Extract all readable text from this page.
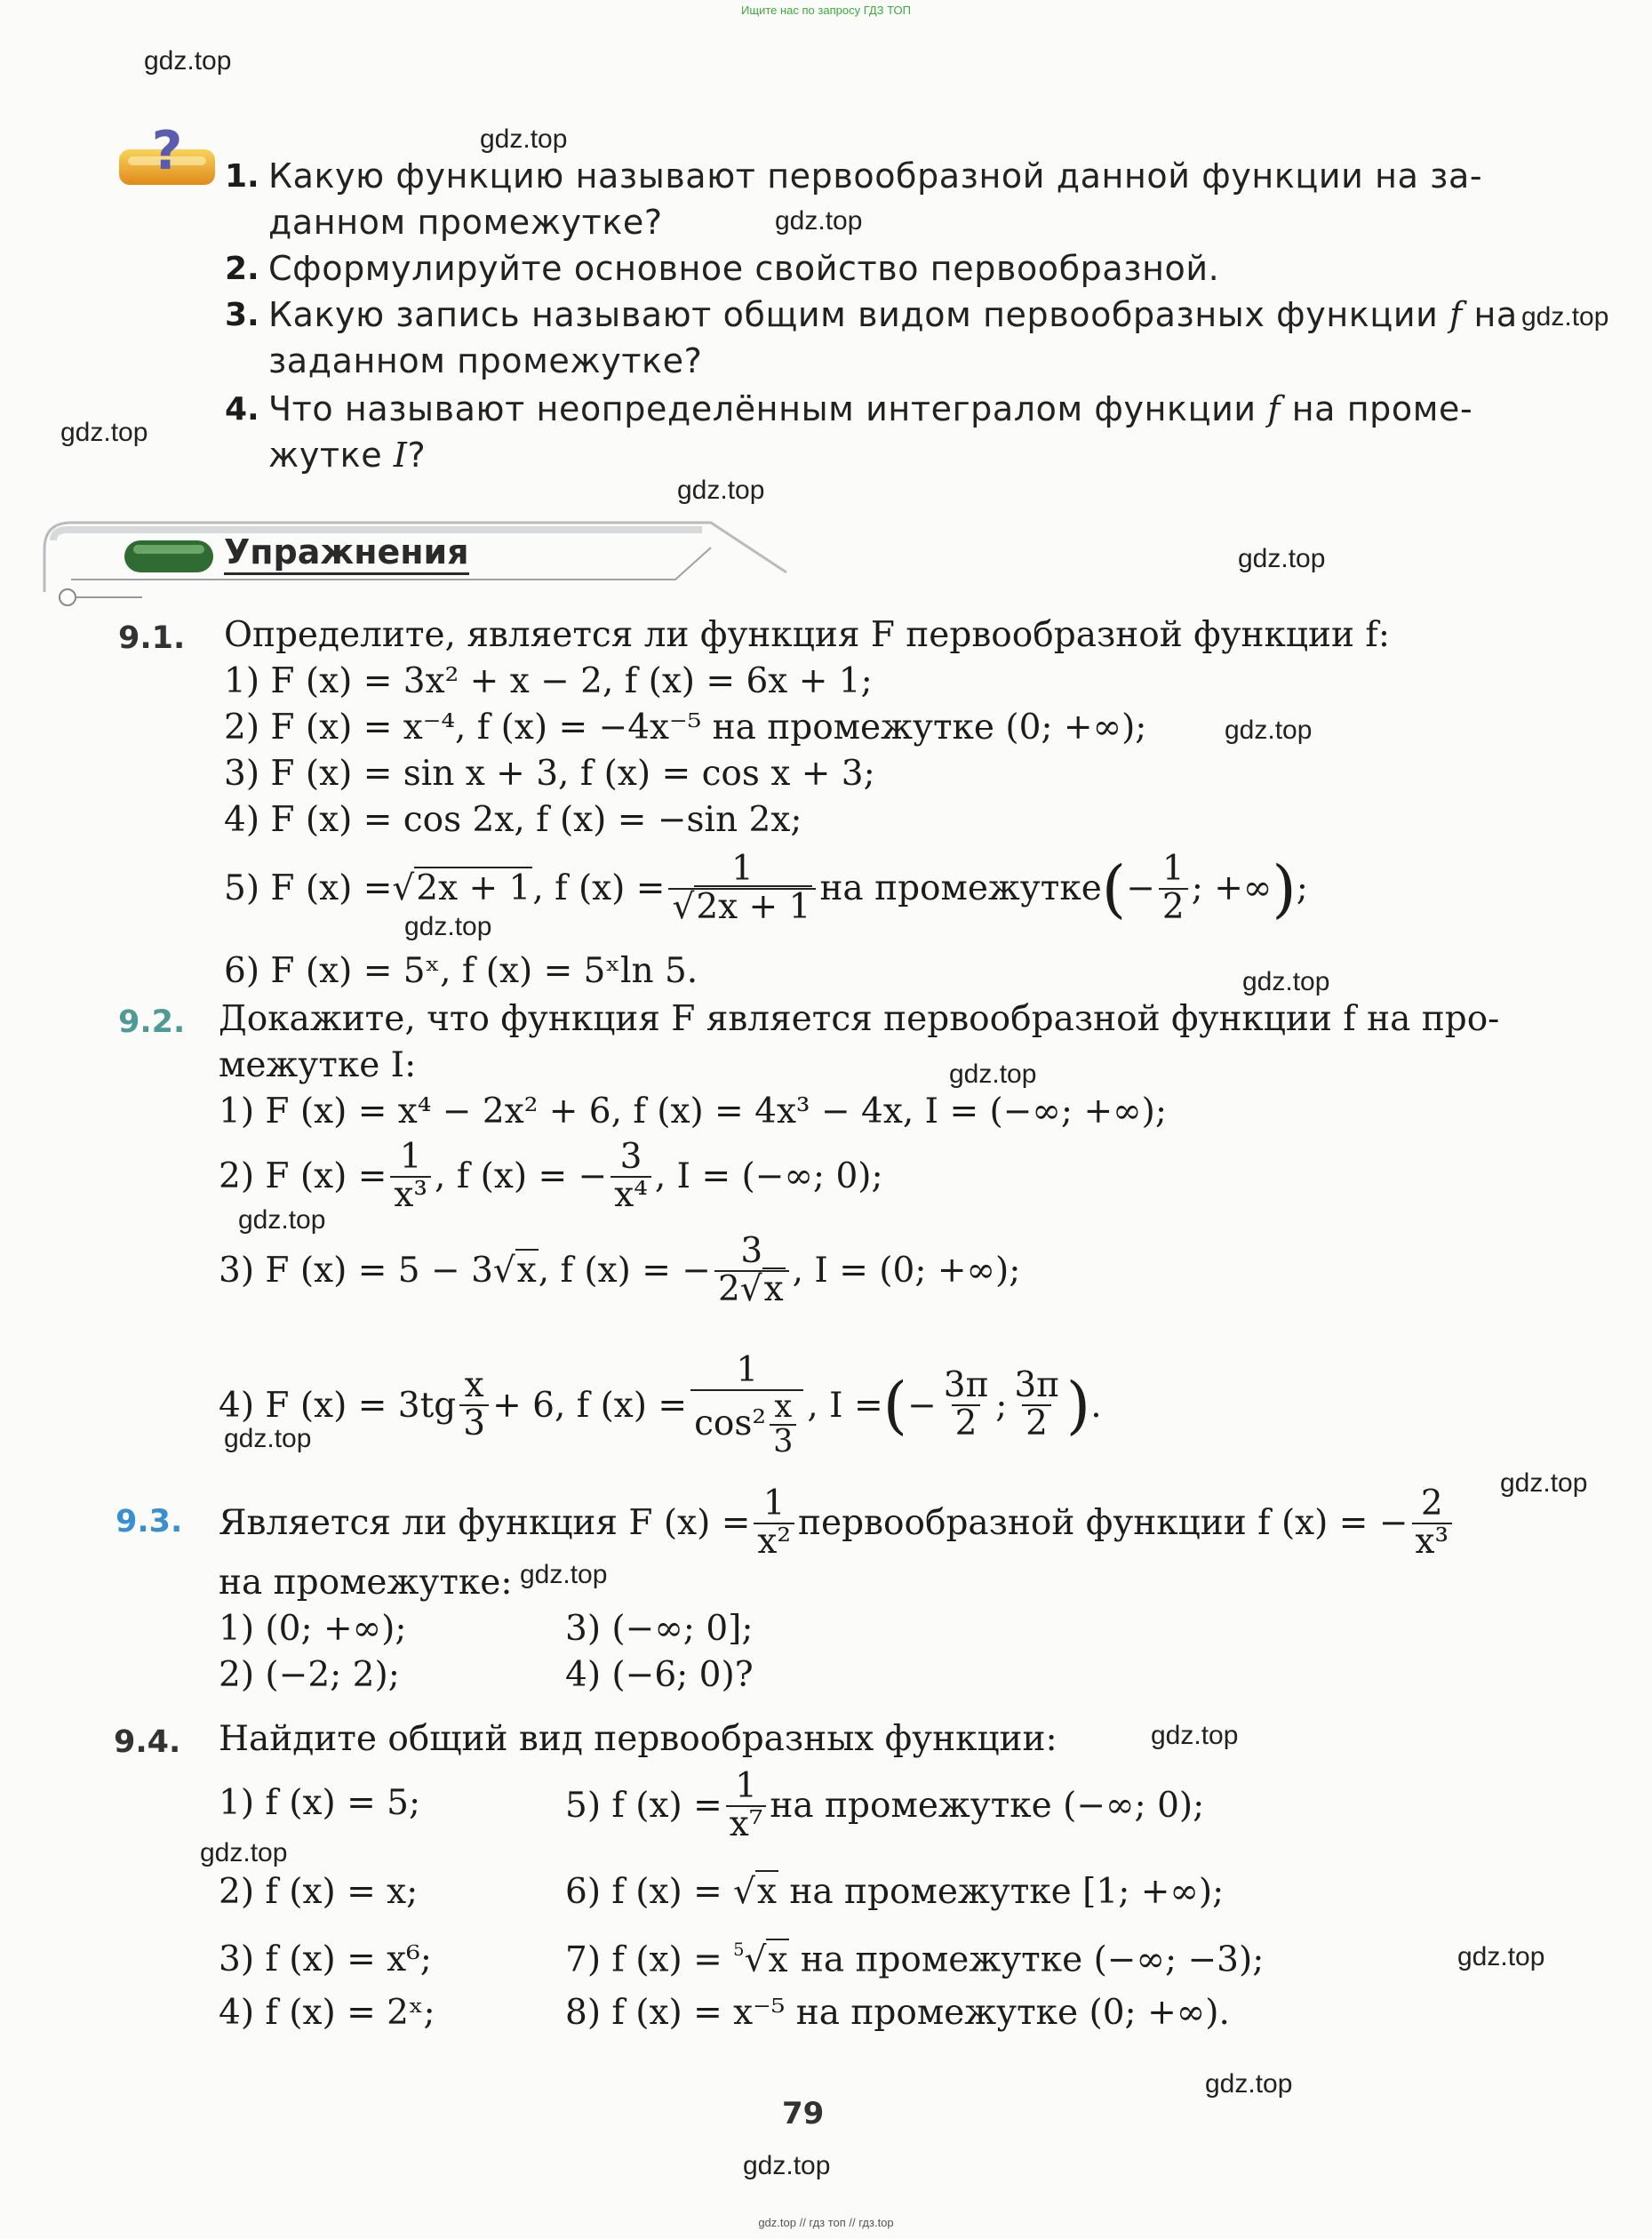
Ищите нас по запросу ГДЗ ТОП
gdz.top // гдз топ // гдз.top
gdz.top
gdz.top
gdz.top
gdz.top
gdz.top
gdz.top
gdz.top
gdz.top
gdz.top
gdz.top
gdz.top
gdz.top
gdz.top
gdz.top
gdz.top
gdz.top
gdz.top
gdz.top
gdz.top
gdz.top
? 1. Какую функцию называют первообразной данной функции на за-
данном промежутке?
2. Сформулируйте основное свойство первообразной.
3. Какую запись называют общим видом первообразных функции f на
заданном промежутке?
4. Что называют неопределённым интегралом функции f на проме-
жутке I?
Упражнения
9.1. Определите, является ли функция F первообразной функции f:
1) F (x) = 3x² + x − 2, f (x) = 6x + 1;
2) F (x) = x⁻⁴, f (x) = −4x⁻⁵ на промежутке (0; +∞);
3) F (x) = sin x + 3, f (x) = cos x + 3;
4) F (x) = cos 2x, f (x) = −sin 2x;
5) F (x) = √2x + 1 , f $(x) = \frac{1}{√2x + 1}$ на промежутке ( − $\frac{1}{2}$ ; +∞ ) ;
6) F (x) = 5ˣ, f (x) = 5ˣln 5.
9.2. Докажите, что функция F является первообразной функции f на про-
межутке I:
1) F (x) = x⁴ − 2x² + 6, f (x) = 4x³ − 4x, I = (−∞; +∞);
2) F $(x) = \frac{1}{\text{x³}}$ , f (x) = − $\frac{3}{\text{x⁴}}$ , I = (−∞; 0);
3) F (x) = 5 − 3 √x , f (x) = − $\frac{3}{2√x}$ , I = (0; +∞);
4) F $(x) = 3tg \frac{x}{3} + 6$, f $(x) = \frac{1}{\cos^2 \frac{x}{3}}$ , I = ( − $\frac{3\pi}{2}$ ; $\frac{3\pi}{2}$ ) .
9.3. Является ли функция F $(x) = \frac{1}{\text{x²}}$ первообразной функции f (x) = − $\frac{2}{\text{x³}}$
на промежутке:
1) (0; +∞);	3) (−∞; 0];
2) (−2; 2);	4) (−6; 0)?
9.4. Найдите общий вид первообразных функции:
1) f (x) = 5;
2) f (x) = x;
3) f (x) = x⁶;
4) f (x) = 2ˣ;
5) f $(x) = \frac{1}{\text{x⁷}}$ на промежутке (−∞; 0);
6) f (x) = √x на промежутке [1; +∞);
7) f (x) = $^5$√x на промежутке (−∞; −3);
8) f (x) = x⁻⁵ на промежутке (0; +∞).
79
